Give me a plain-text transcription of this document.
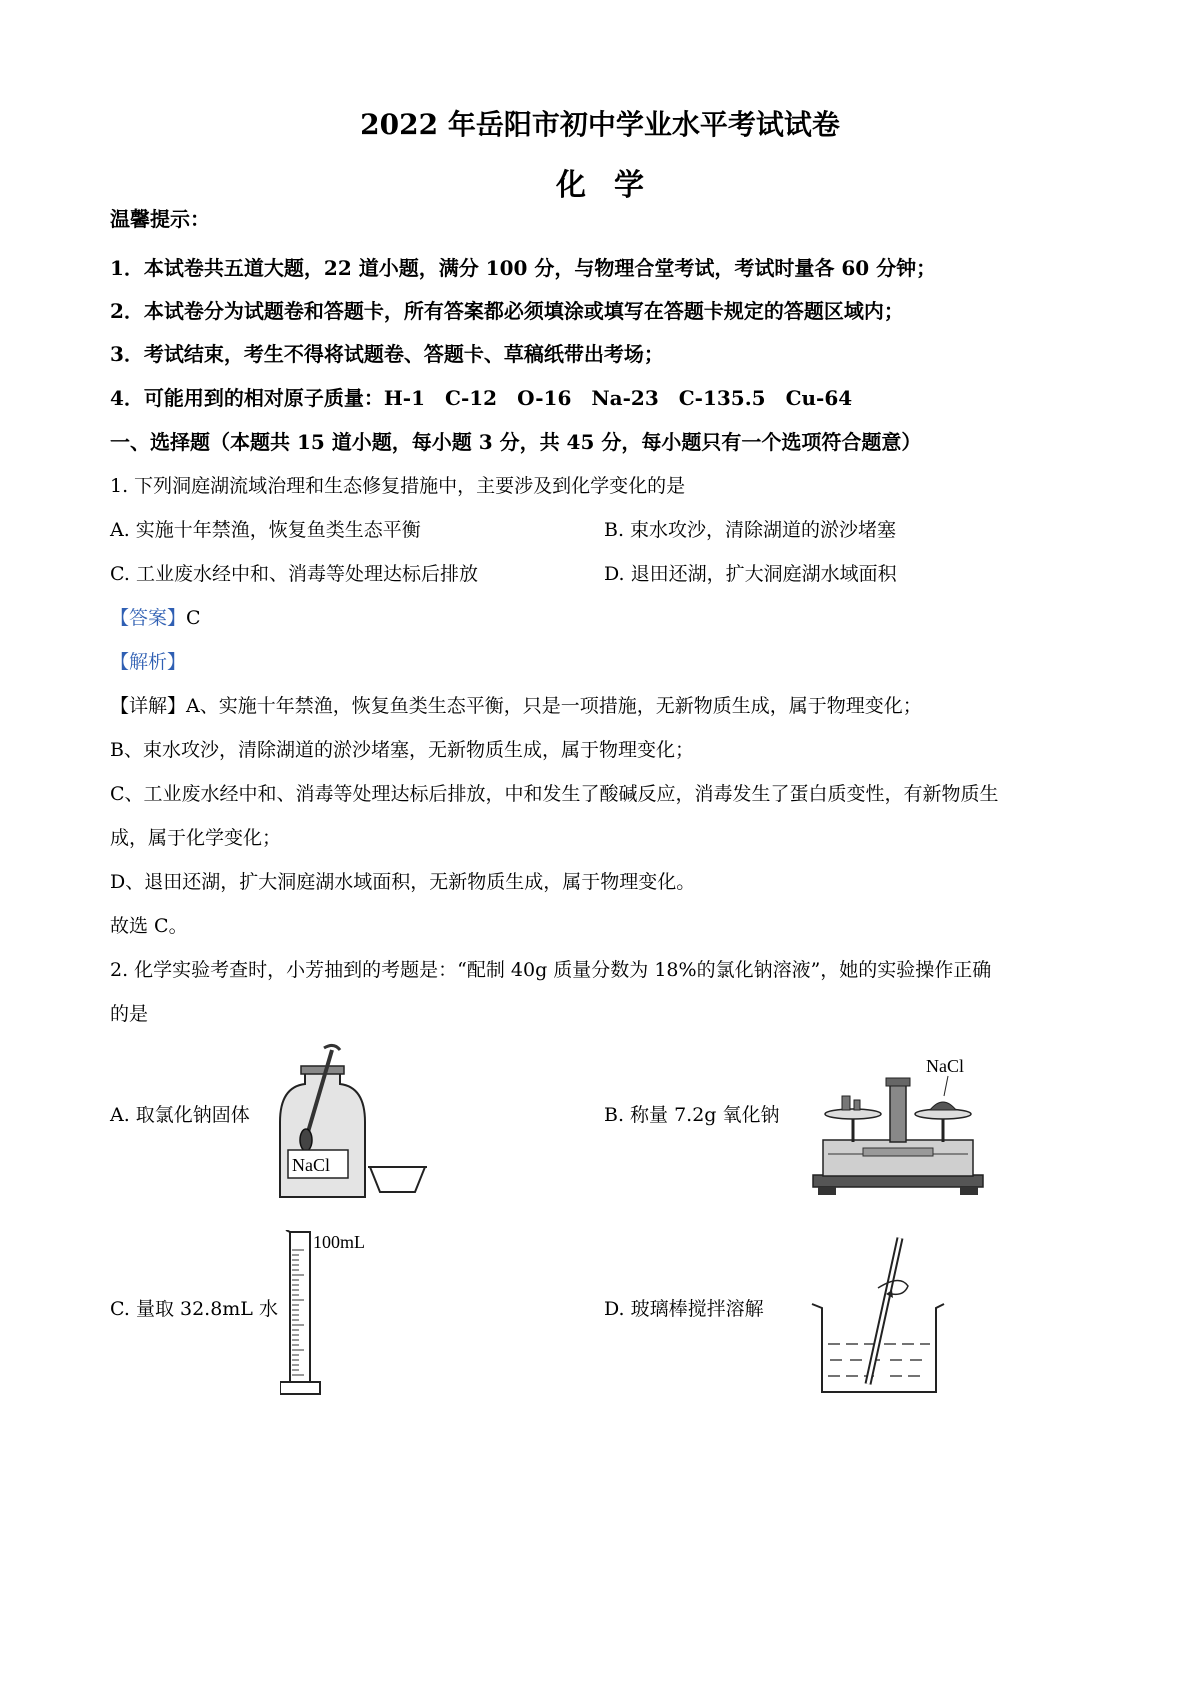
2022 年岳阳市初中学业水平考试试卷
化学
温馨提示：
1．本试卷共五道大题，22 道小题，满分 100 分，与物理合堂考试，考试时量各 60 分钟；
2．本试卷分为试题卷和答题卡，所有答案都必须填涂或填写在答题卡规定的答题区域内；
3．考试结束，考生不得将试题卷、答题卡、草稿纸带出考场；
4．可能用到的相对原子质量：H-1　C-12　O-16　Na-23　C-135.5　Cu-64
一、选择题（本题共 15 道小题，每小题 3 分，共 45 分，每小题只有一个选项符合题意）
1. 下列洞庭湖流域治理和生态修复措施中，主要涉及到化学变化的是
A. 实施十年禁渔，恢复鱼类生态平衡	B. 束水攻沙，清除湖道的淤沙堵塞
C. 工业废水经中和、消毒等处理达标后排放	D. 退田还湖，扩大洞庭湖水域面积
【答案】C
【解析】
【详解】A、实施十年禁渔，恢复鱼类生态平衡，只是一项措施，无新物质生成，属于物理变化；
B、束水攻沙，清除湖道的淤沙堵塞，无新物质生成，属于物理变化；
C、工业废水经中和、消毒等处理达标后排放，中和发生了酸碱反应，消毒发生了蛋白质变性，有新物质生
成，属于化学变化；
D、退田还湖，扩大洞庭湖水域面积，无新物质生成，属于物理变化。
故选 C。
2. 化学实验考查时，小芳抽到的考题是：“配制 40g 质量分数为 18%的氯化钠溶液”，她的实验操作正确
的是
A. 取氯化钠固体	B. 称量 7.2g 氧化钠
C. 量取 32.8mL 水	D. 玻璃棒搅拌溶解
NaCl
NaCl
100mL
